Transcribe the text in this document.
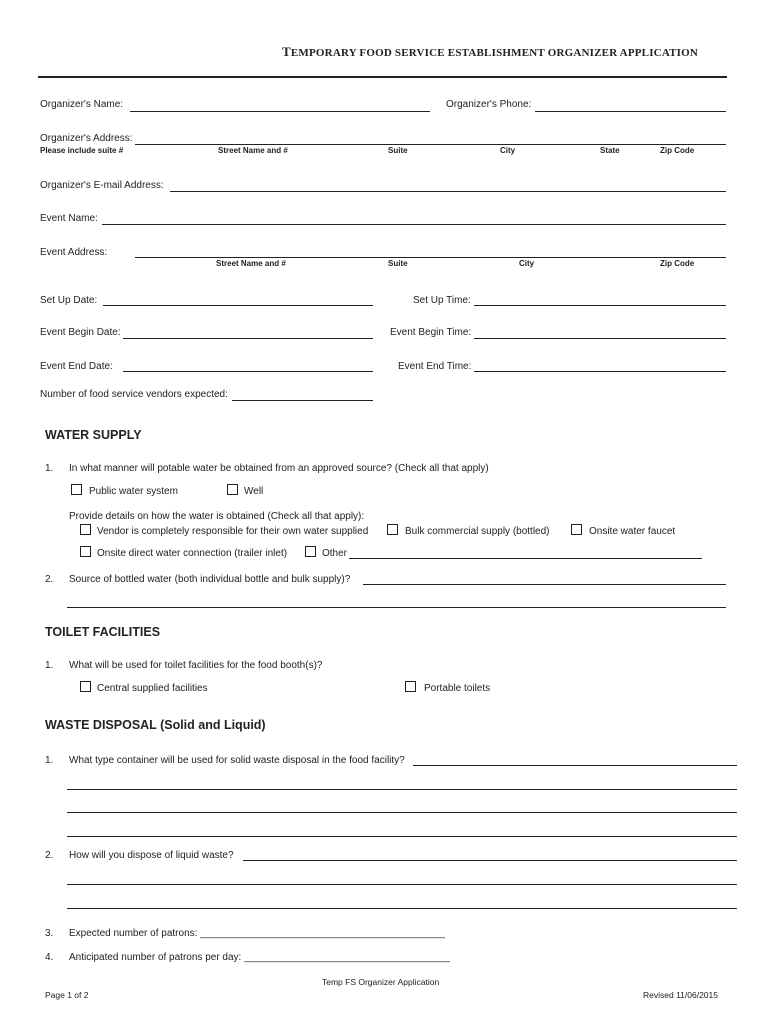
TEMPORARY FOOD SERVICE ESTABLISHMENT ORGANIZER APPLICATION
Organizer's Name:	Organizer's Phone:
Organizer's Address:
Please include suite #	Street Name and #	Suite	City	State	Zip Code
Organizer's E-mail Address:
Event Name:
Event Address:
Street Name and #	Suite	City	Zip Code
Set Up Date:	Set Up Time:
Event Begin Date:	Event Begin Time:
Event End Date:	Event End Time:
Number of food service vendors expected:
WATER SUPPLY
1. In what manner will potable water be obtained from an approved source? (Check all that apply)
Public water system	Well
Provide details on how the water is obtained (Check all that apply):
Vendor is completely responsible for their own water supplied	Bulk commercial supply (bottled)	Onsite water faucet
Onsite direct water connection (trailer inlet)	Other
2. Source of bottled water (both individual bottle and bulk supply)?
TOILET FACILITIES
1. What will be used for toilet facilities for the food booth(s)?
Central supplied facilities	Portable toilets
WASTE DISPOSAL (Solid and Liquid)
1. What type container will be used for solid waste disposal in the food facility?
2. How will you dispose of liquid waste?
3. Expected number of patrons: ____________________________________________
4. Anticipated number of patrons per day: _____________________________________
Temp FS Organizer Application
Page 1 of 2	Revised 11/06/2015
